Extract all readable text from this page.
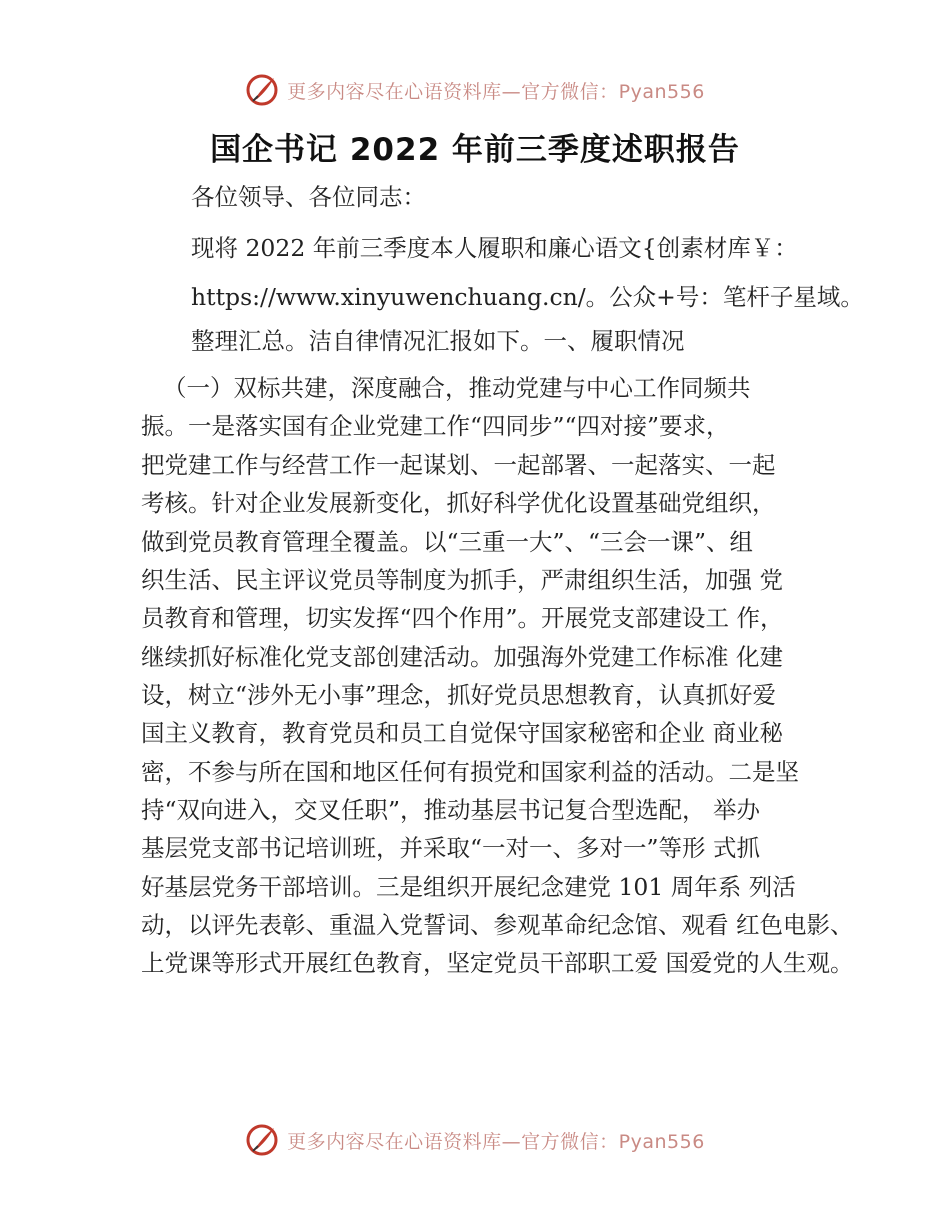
更多内容尽在心语资料库—官方微信：Pyan556
国企书记 2022 年前三季度述职报告
各位领导、各位同志：
现将 2022 年前三季度本人履职和廉心语文{创素材库￥：
https://www.xinyuwenchuang.cn/。公众+号：笔杆子星域。
整理汇总。洁自律情况汇报如下。一、履职情况
（一）双标共建，深度融合，推动党建与中心工作同频共
振。一是落实国有企业党建工作“四同步”“四对接”要求，
把党建工作与经营工作一起谋划、一起部署、一起落实、一起
考核。针对企业发展新变化，抓好科学优化设置基础党组织，
做到党员教育管理全覆盖。以“三重一大”、“三会一课”、组
织生活、民主评议党员等制度为抓手，严肃组织生活，加强 党
员教育和管理，切实发挥“四个作用”。开展党支部建设工 作，
继续抓好标准化党支部创建活动。加强海外党建工作标准 化建
设，树立“涉外无小事”理念，抓好党员思想教育，认真抓好爱
国主义教育，教育党员和员工自觉保守国家秘密和企业 商业秘
密，不参与所在国和地区任何有损党和国家利益的活动。二是坚
持“双向进入，交叉任职”，推动基层书记复合型选配， 举办
基层党支部书记培训班，并采取“一对一、多对一”等形 式抓
好基层党务干部培训。三是组织开展纪念建党 101 周年系 列活
动，以评先表彰、重温入党誓词、参观革命纪念馆、观看 红色电影、
上党课等形式开展红色教育，坚定党员干部职工爱 国爱党的人生观。
更多内容尽在心语资料库—官方微信：Pyan556
